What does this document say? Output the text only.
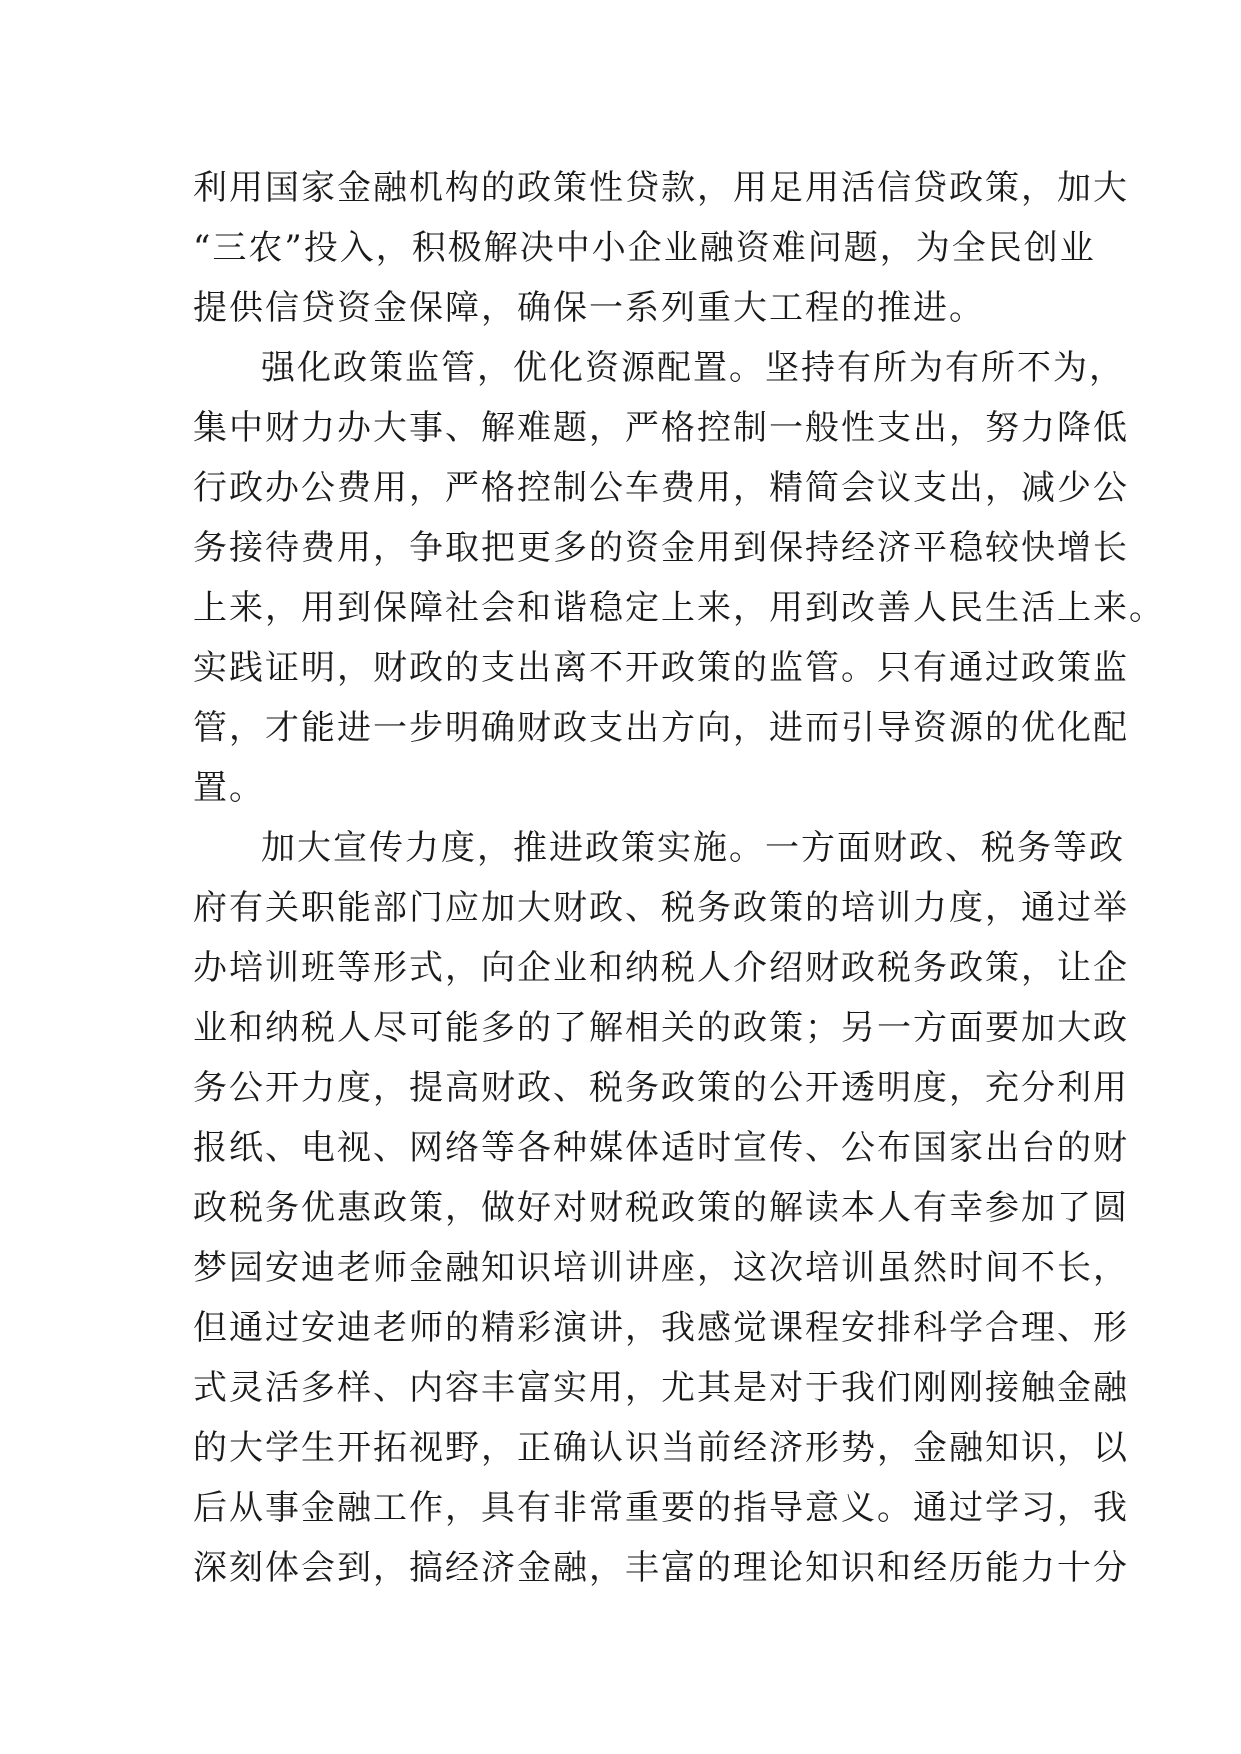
利用国家金融机构的政策性贷款，用足用活信贷政策，加大
“三农”投入，积极解决中小企业融资难问题，为全民创业
提供信贷资金保障，确保一系列重大工程的推进。
强化政策监管，优化资源配置。坚持有所为有所不为，
集中财力办大事、解难题，严格控制一般性支出，努力降低
行政办公费用，严格控制公车费用，精简会议支出，减少公
务接待费用，争取把更多的资金用到保持经济平稳较快增长
上来，用到保障社会和谐稳定上来，用到改善人民生活上来。
实践证明，财政的支出离不开政策的监管。只有通过政策监
管，才能进一步明确财政支出方向，进而引导资源的优化配
置。
加大宣传力度，推进政策实施。一方面财政、税务等政
府有关职能部门应加大财政、税务政策的培训力度，通过举
办培训班等形式，向企业和纳税人介绍财政税务政策，让企
业和纳税人尽可能多的了解相关的政策；另一方面要加大政
务公开力度，提高财政、税务政策的公开透明度，充分利用
报纸、电视、网络等各种媒体适时宣传、公布国家出台的财
政税务优惠政策，做好对财税政策的解读本人有幸参加了圆
梦园安迪老师金融知识培训讲座，这次培训虽然时间不长，
但通过安迪老师的精彩演讲，我感觉课程安排科学合理、形
式灵活多样、内容丰富实用，尤其是对于我们刚刚接触金融
的大学生开拓视野，正确认识当前经济形势，金融知识，以
后从事金融工作，具有非常重要的指导意义。通过学习，我
深刻体会到，搞经济金融，丰富的理论知识和经历能力十分
